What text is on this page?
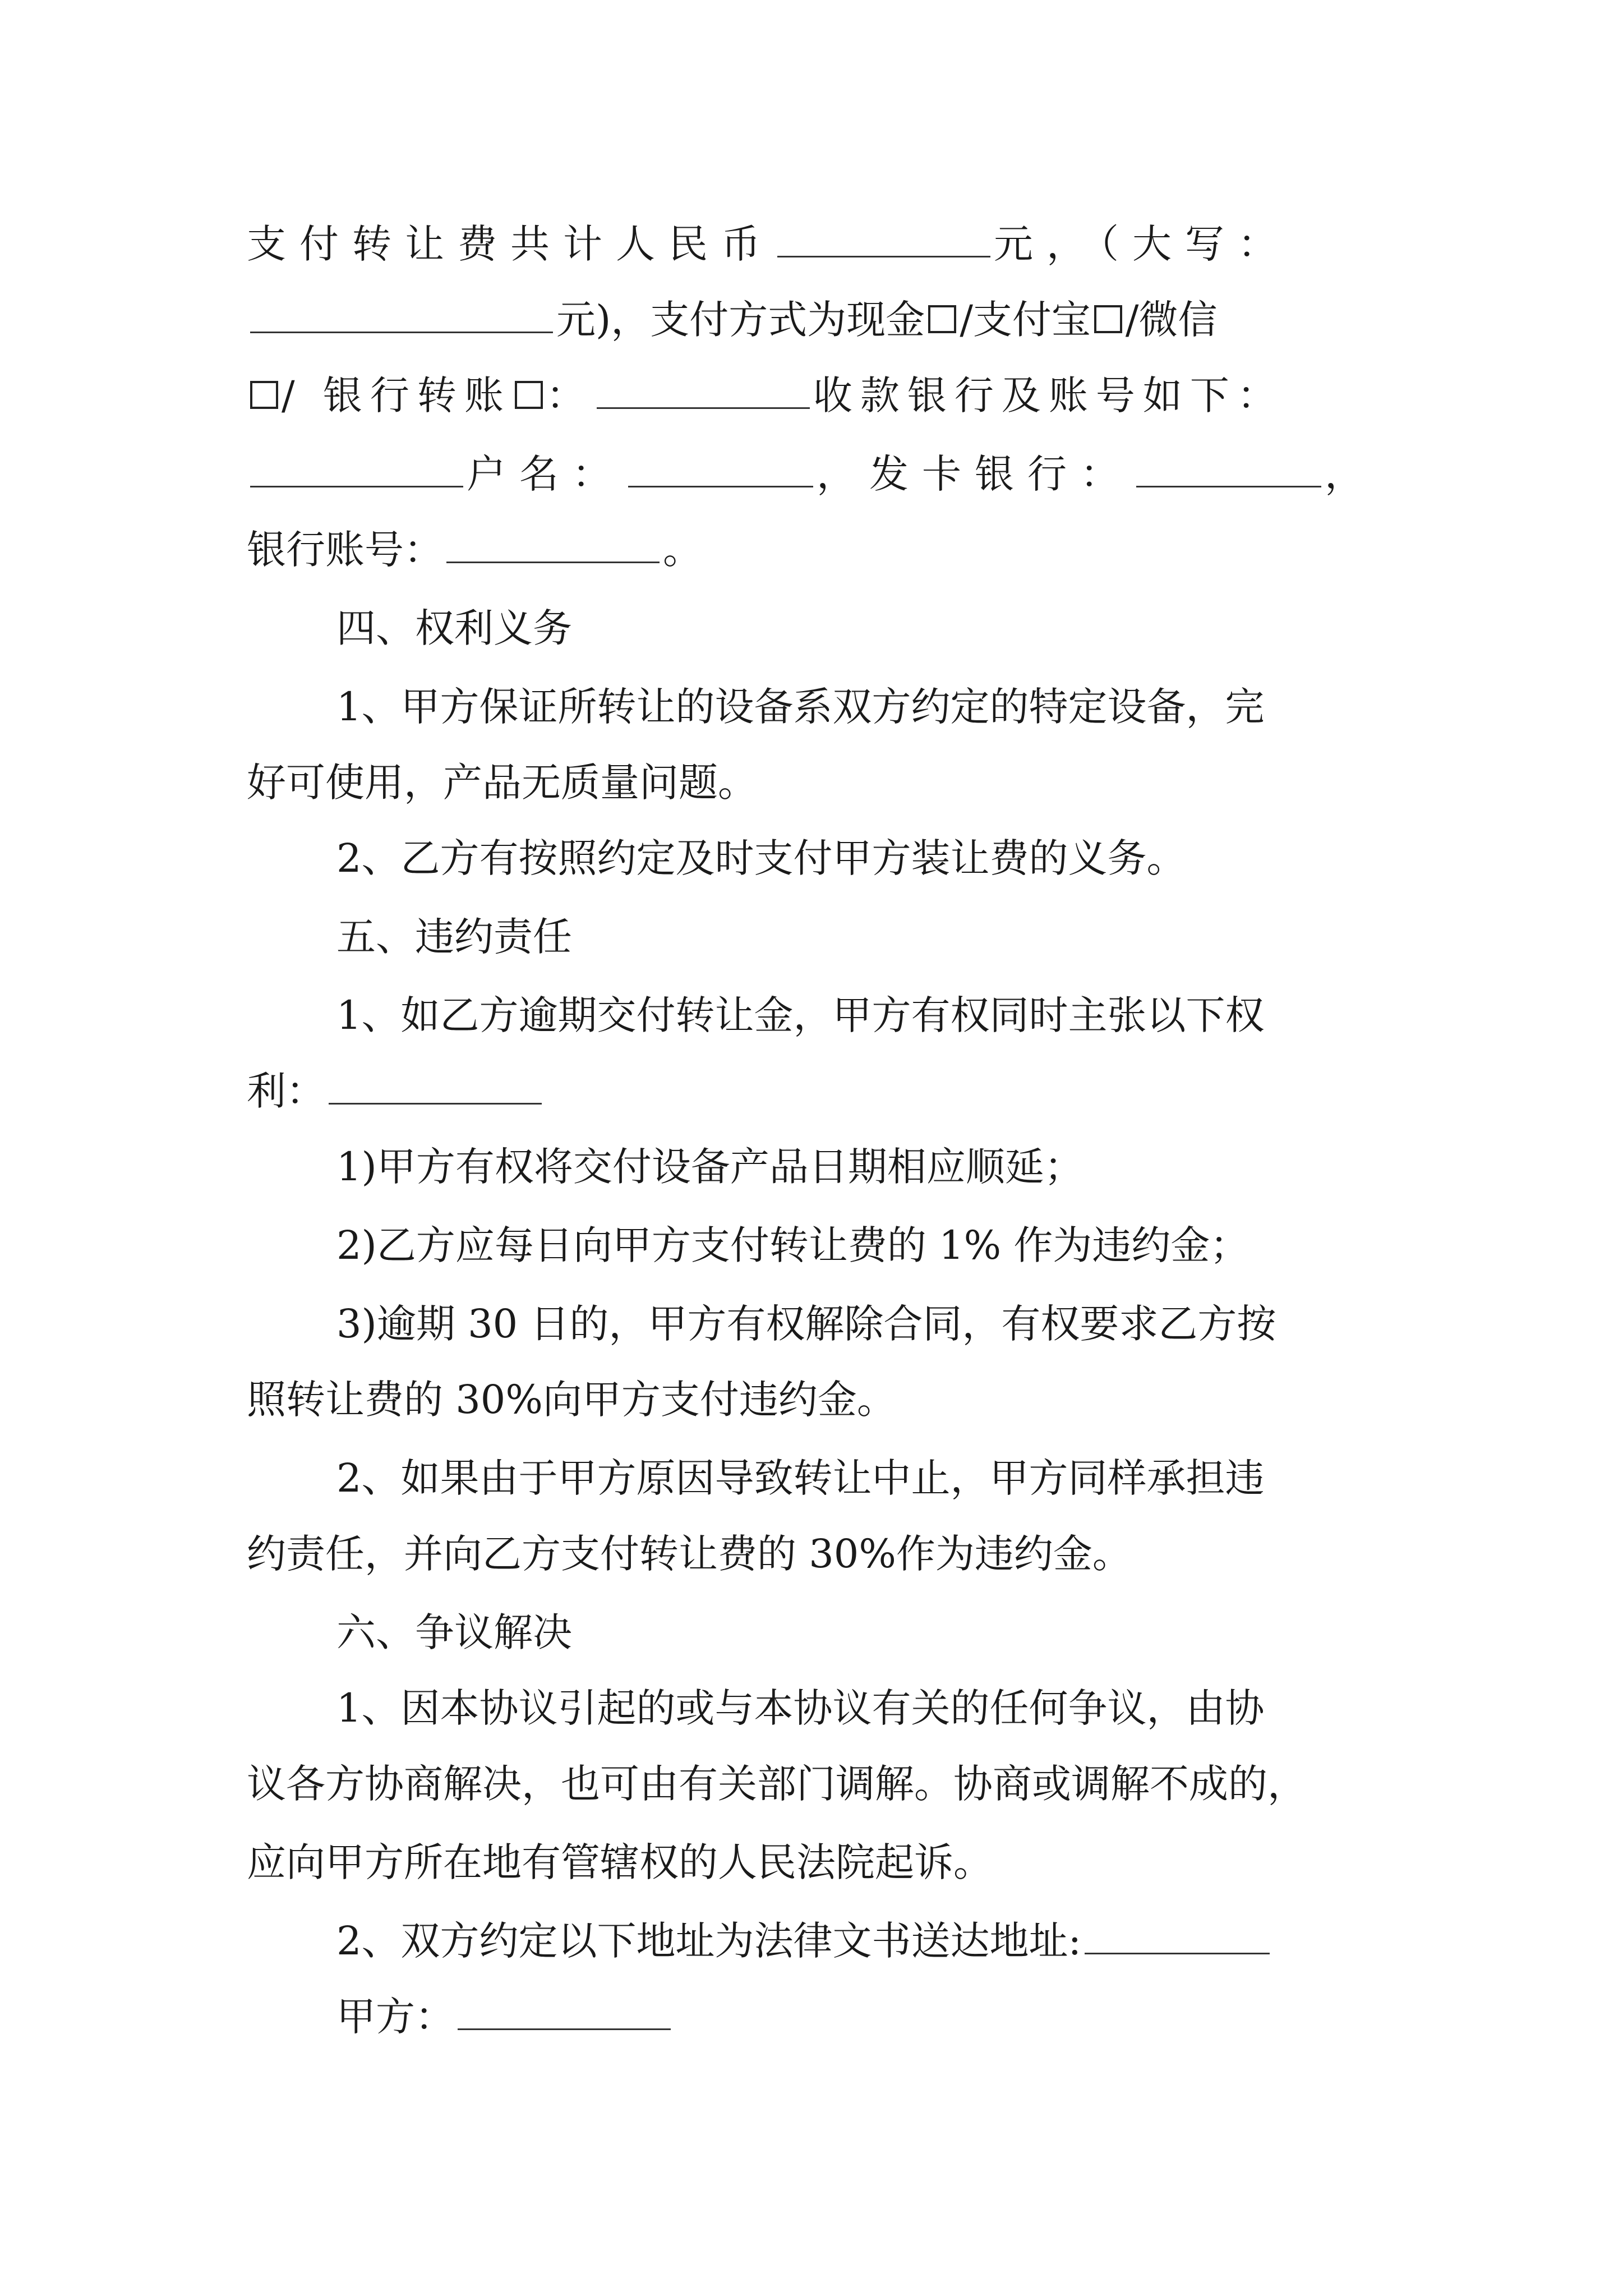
支付转让费共计人民币	元，（大写：
元)，支付方式为现金 /支付宝 /微信
/ 银行转账 ：	收款银行及账号如下：
户名：	，发卡银行：	，
银行账号：	。
四、权利义务
1、甲方保证所转让的设备系双方约定的特定设备，完
好可使用，产品无质量问题。
2、乙方有按照约定及时支付甲方装让费的义务。
五、违约责任
1、如乙方逾期交付转让金，甲方有权同时主张以下权
利：
1)甲方有权将交付设备产品日期相应顺延；
2)乙方应每日向甲方支付转让费的 1% 作为违约金；
3)逾期 30 日的，甲方有权解除合同，有权要求乙方按
照转让费的 30%向甲方支付违约金。
2、如果由于甲方原因导致转让中止，甲方同样承担违
约责任，并向乙方支付转让费的 30%作为违约金。
六、争议解决
1、因本协议引起的或与本协议有关的任何争议，由协
议各方协商解决，也可由有关部门调解。协商或调解不成的，
应向甲方所在地有管辖权的人民法院起诉。
2、双方约定以下地址为法律文书送达地址:
甲方：
